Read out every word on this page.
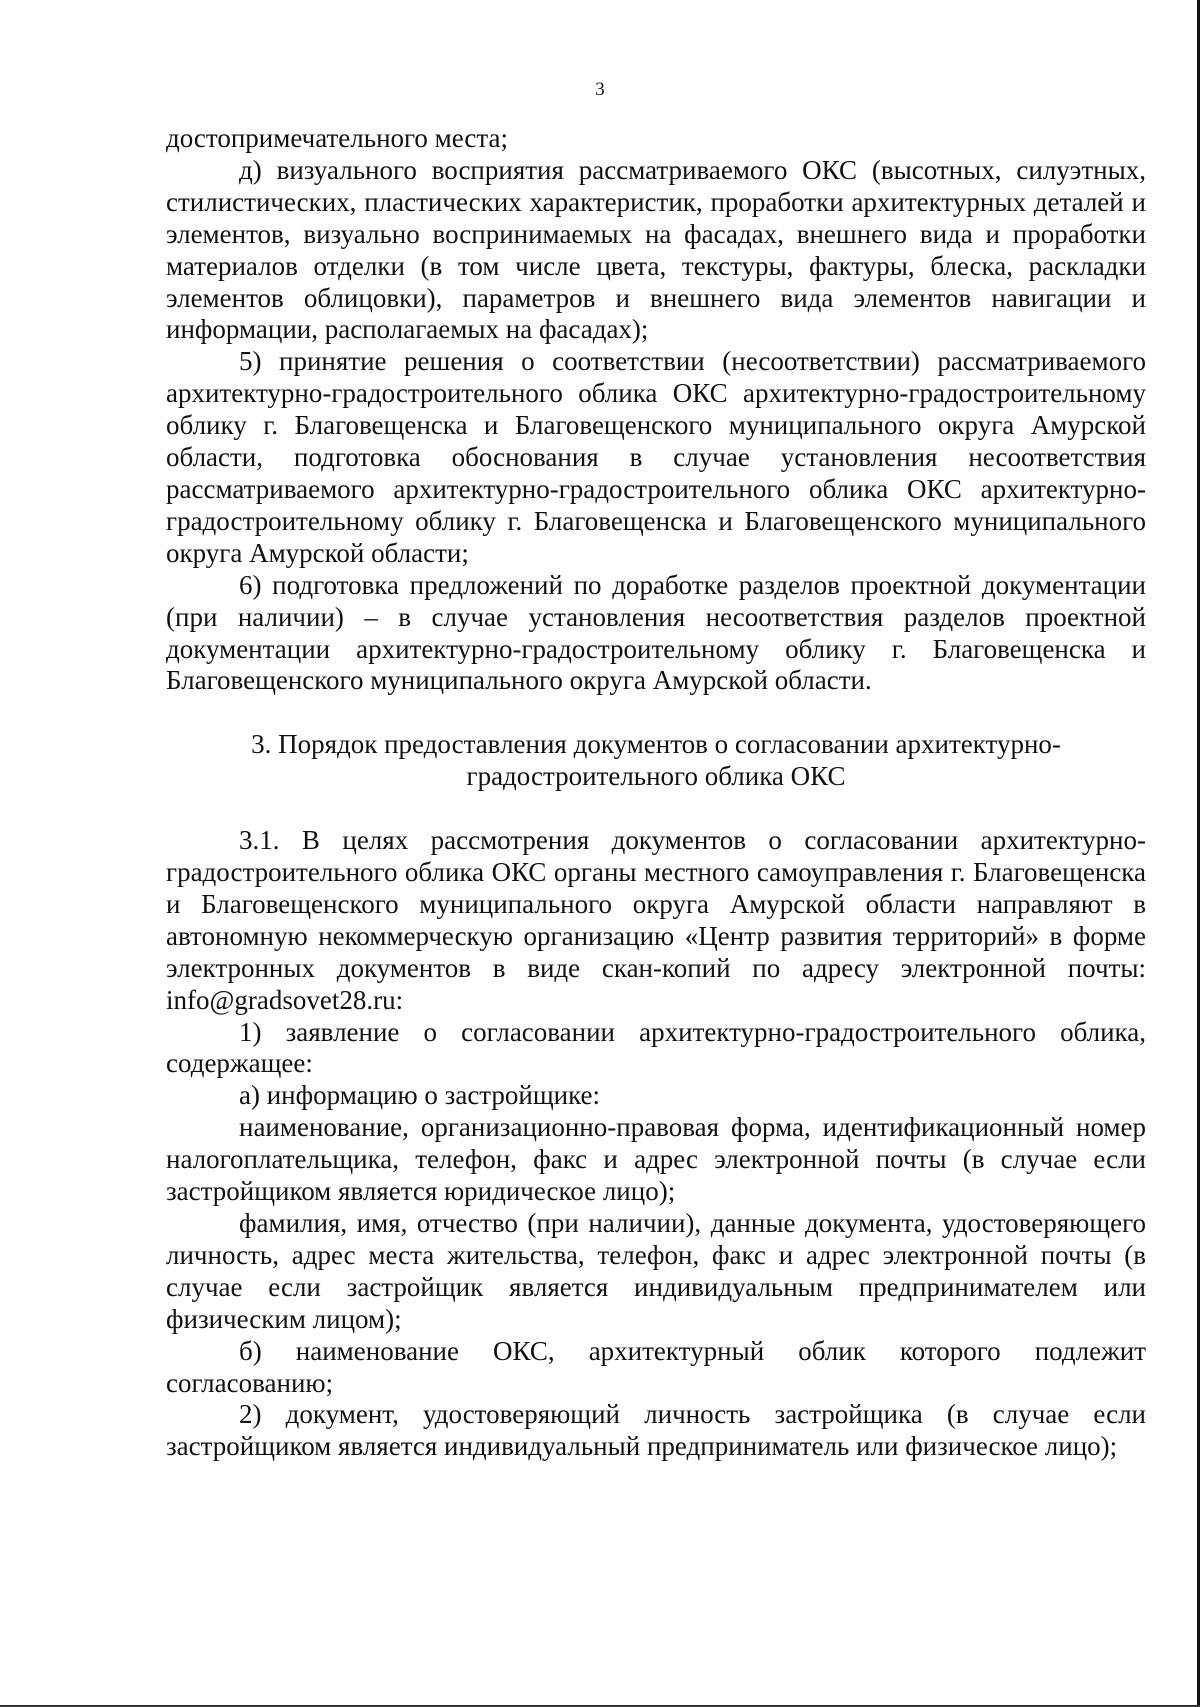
3

достопримечательного места;

д) визуального восприятия рассматриваемого ОКС (высотных, силуэтных, стилистических, пластических характеристик, проработки архитектурных деталей и элементов, визуально воспринимаемых на фасадах, внешнего вида и проработки материалов отделки (в том числе цвета, текстуры, фактуры, блеска, раскладки элементов облицовки), параметров и внешнего вида элементов навигации и информации, располагаемых на фасадах);

5) принятие решения о соответствии (несоответствии) рассматриваемого архитектурно-градостроительного облика ОКС архитектурно-градостроительному облику г. Благовещенска и Благовещенского муниципального округа Амурской области, подготовка обоснования в случае установления несоответствия рассматриваемого архитектурно-градостроительного облика ОКС архитектурно-градостроительному облику г. Благовещенска и Благовещенского муниципального округа Амурской области;

6) подготовка предложений по доработке разделов проектной документации (при наличии) – в случае установления несоответствия разделов проектной документации архитектурно-градостроительному облику г. Благовещенска и Благовещенского муниципального округа Амурской области.

3. Порядок предоставления документов о согласовании архитектурно-
градостроительного облика ОКС

3.1. В целях рассмотрения документов о согласовании архитектурно-градостроительного облика ОКС органы местного самоуправления г. Благовещенска и Благовещенского муниципального округа Амурской области направляют в автономную некоммерческую организацию «Центр развития территорий» в форме электронных документов в виде скан-копий по адресу электронной почты: info@gradsovet28.ru:

1) заявление о согласовании архитектурно-градостроительного облика, содержащее:

а) информацию о застройщике:

наименование, организационно-правовая форма, идентификационный номер налогоплательщика, телефон, факс и адрес электронной почты (в случае если застройщиком является юридическое лицо);

фамилия, имя, отчество (при наличии), данные документа, удостоверяющего личность, адрес места жительства, телефон, факс и адрес электронной почты (в случае если застройщик является индивидуальным предпринимателем или физическим лицом);

б) наименование ОКС, архитектурный облик которого подлежит согласованию;

2) документ, удостоверяющий личность застройщика (в случае если застройщиком является индивидуальный предприниматель или физическое лицо);
